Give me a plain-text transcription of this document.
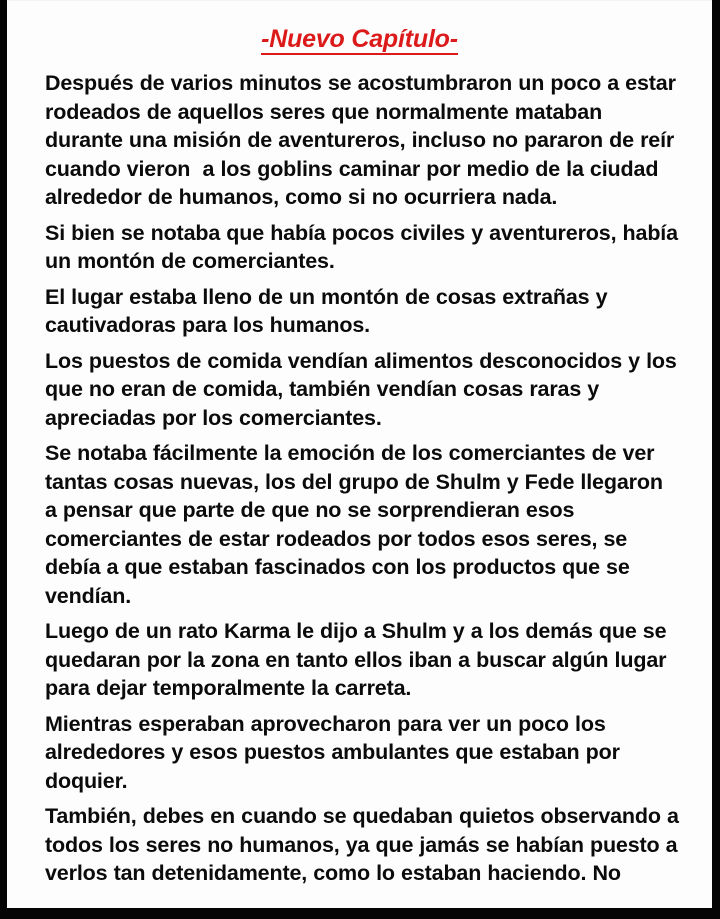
-Nuevo Capítulo-

Después de varios minutos se acostumbraron un poco a estar rodeados de aquellos seres que normalmente mataban durante una misión de aventureros, incluso no pararon de reír cuando vieron  a los goblins caminar por medio de la ciudad alrededor de humanos, como si no ocurriera nada.

Si bien se notaba que había pocos civiles y aventureros, había un montón de comerciantes.

El lugar estaba lleno de un montón de cosas extrañas y cautivadoras para los humanos.

Los puestos de comida vendían alimentos desconocidos y los que no eran de comida, también vendían cosas raras y apreciadas por los comerciantes.

Se notaba fácilmente la emoción de los comerciantes de ver tantas cosas nuevas, los del grupo de Shulm y Fede llegaron a pensar que parte de que no se sorprendieran esos comerciantes de estar rodeados por todos esos seres, se debía a que estaban fascinados con los productos que se vendían.

Luego de un rato Karma le dijo a Shulm y a los demás que se quedaran por la zona en tanto ellos iban a buscar algún lugar para dejar temporalmente la carreta.

Mientras esperaban aprovecharon para ver un poco los alrededores y esos puestos ambulantes que estaban por doquier.

También, debes en cuando se quedaban quietos observando a todos los seres no humanos, ya que jamás se habían puesto a verlos tan detenidamente, como lo estaban haciendo. No
